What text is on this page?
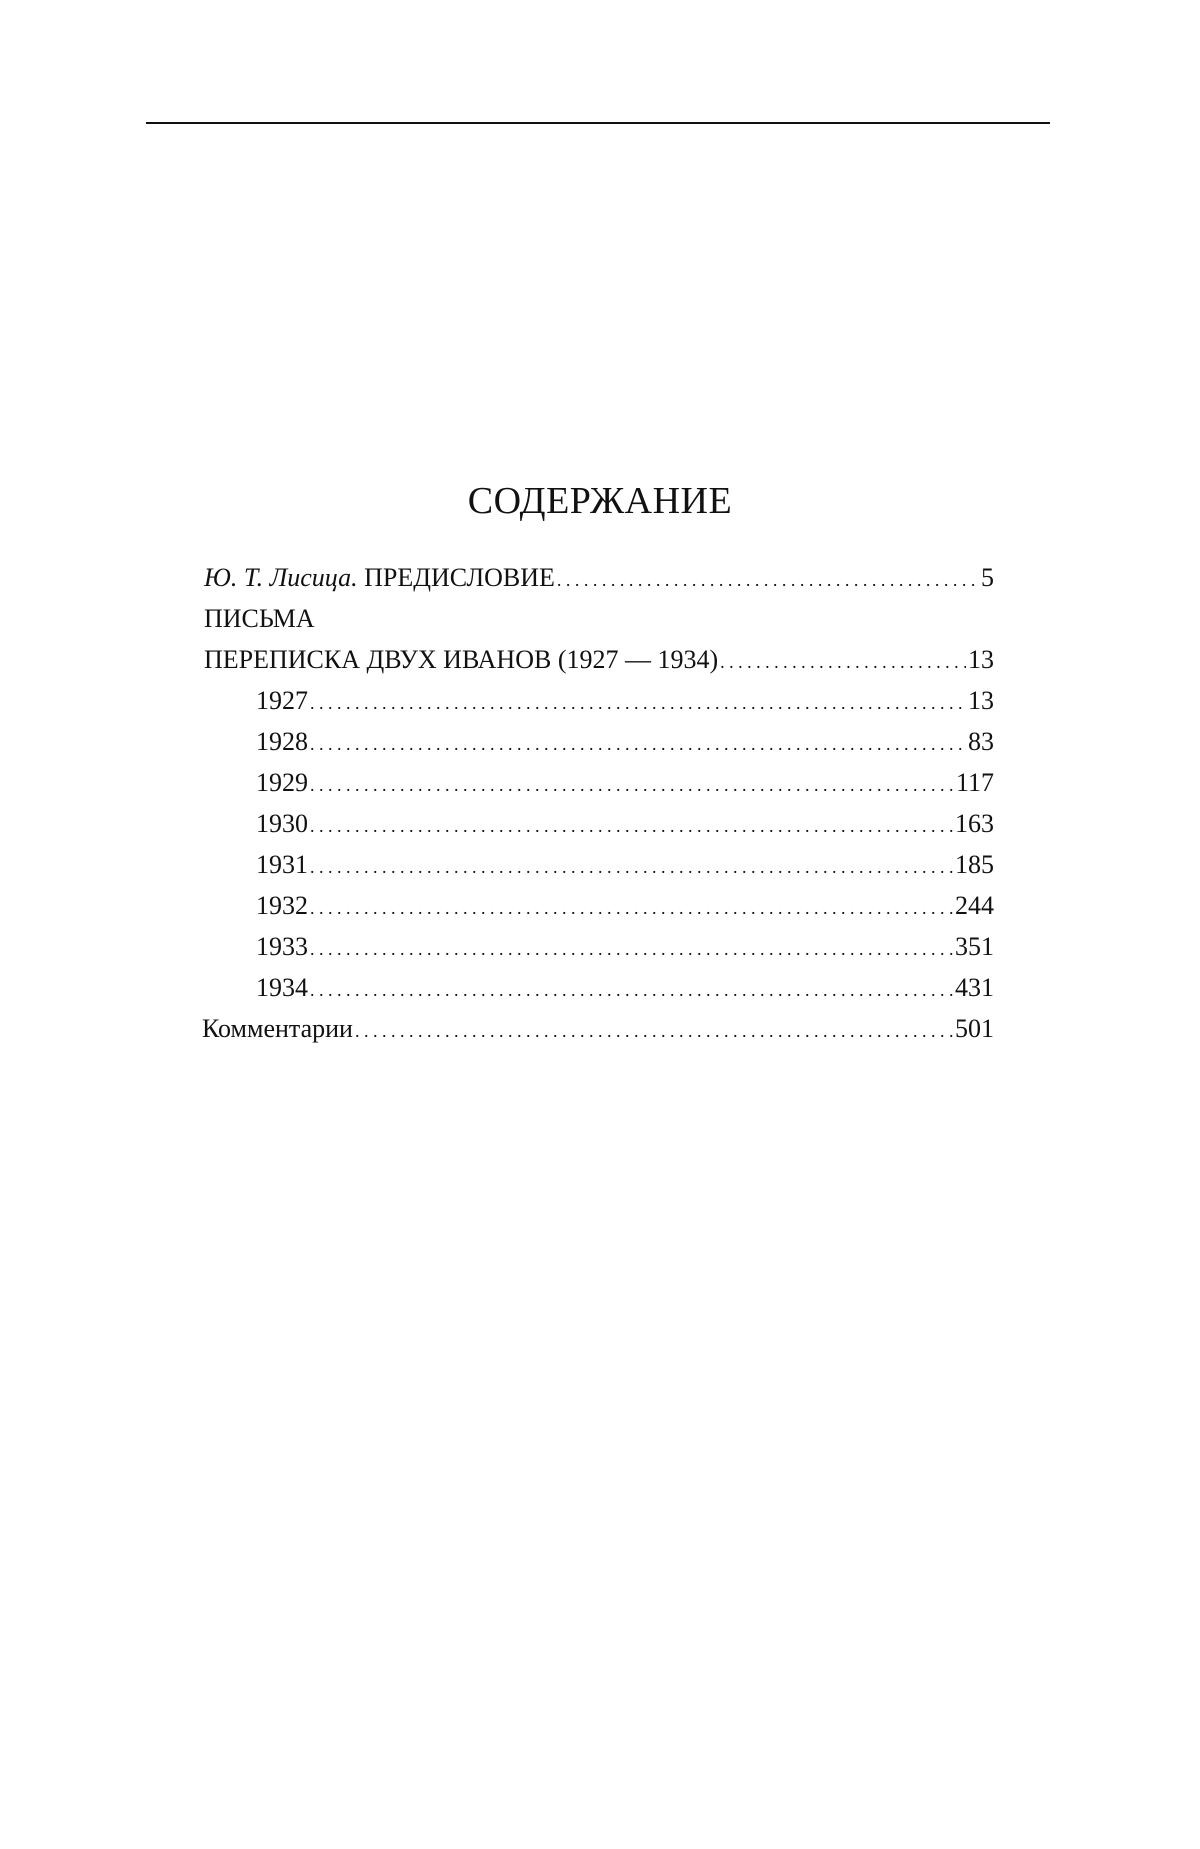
СОДЕРЖАНИЕ
Ю. Т. Лисица. ПРЕДИСЛОВИЕ . . .	5
ПИСЬМА
ПЕРЕПИСКА ДВУХ ИВАНОВ (1927 — 1934) . . .	13
1927 . . .	13
1928 . . .	83
1929 . . .	117
1930 . . .	163
1931 . . .	185
1932 . . .	244
1933 . . .	351
1934 . . .	431
Комментарии . . .	501
